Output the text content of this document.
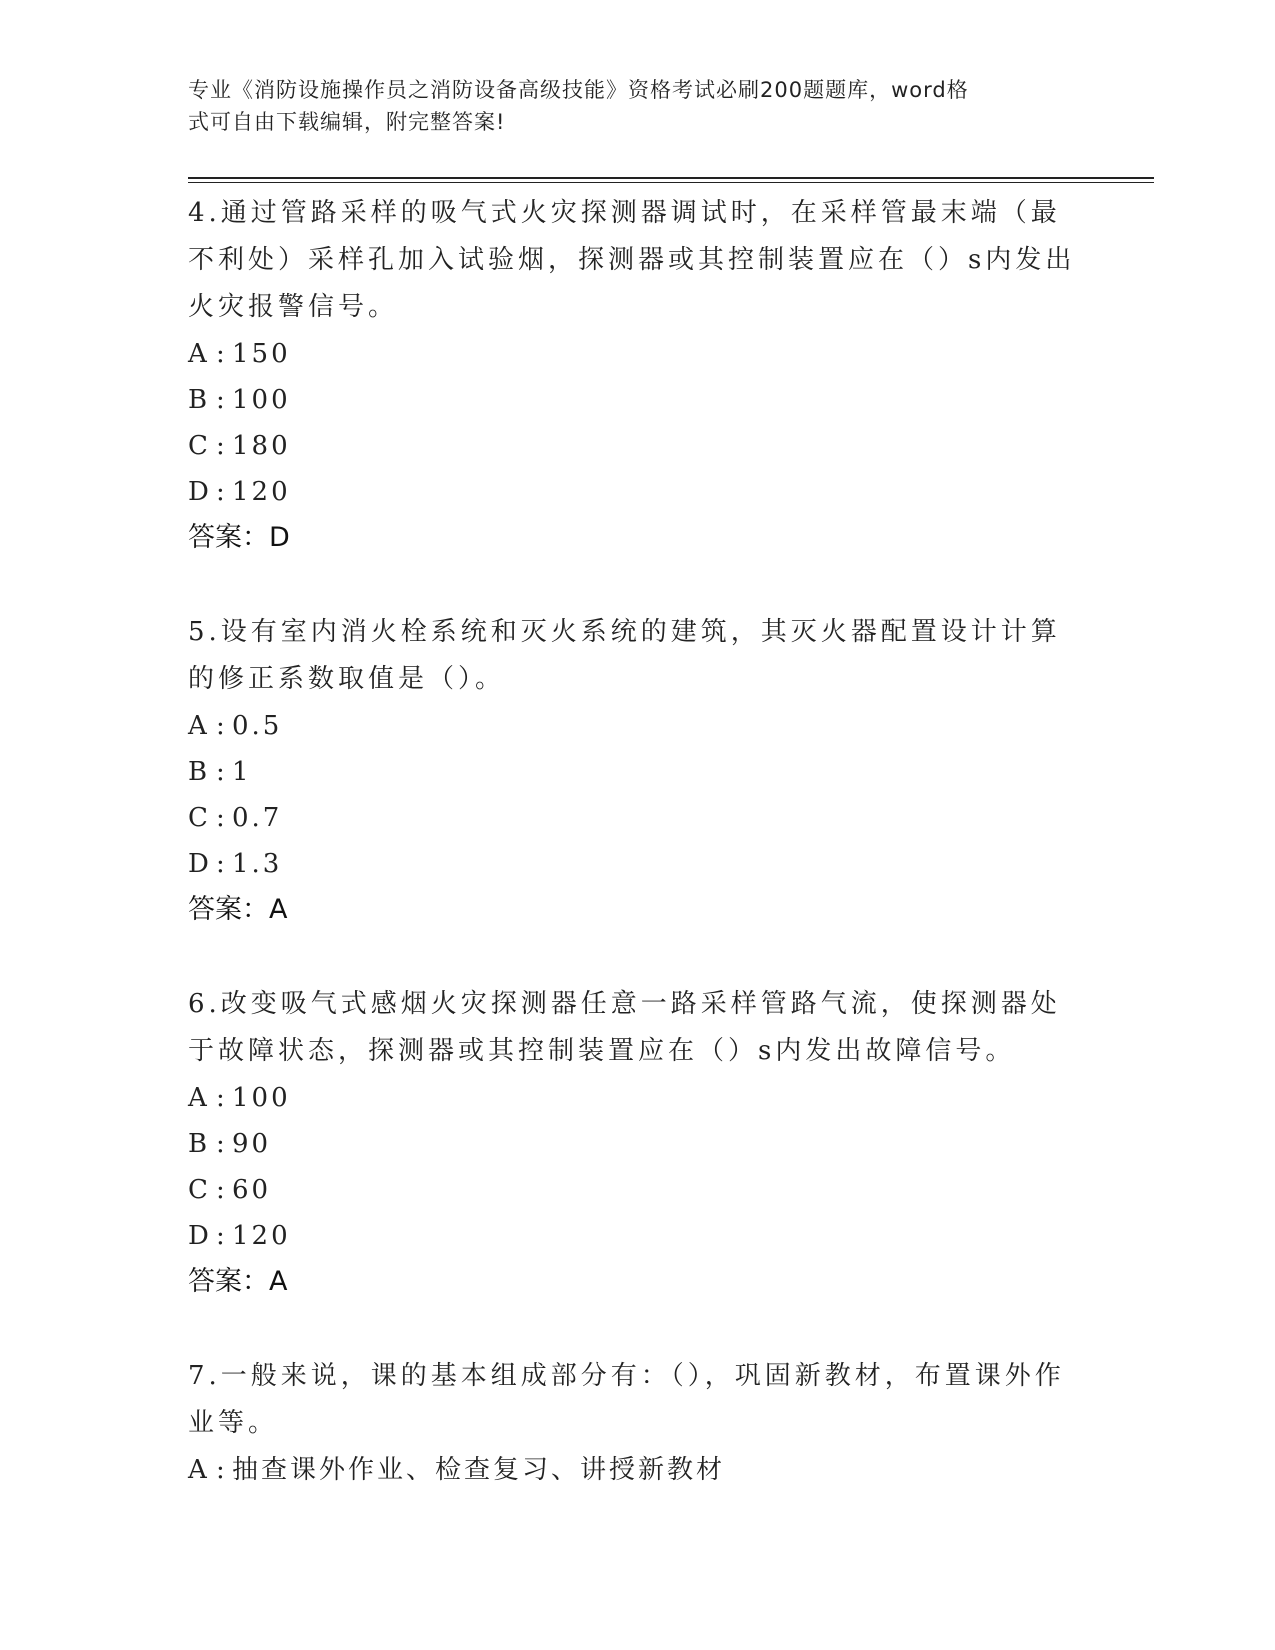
专业《消防设施操作员之消防设备高级技能》资格考试必刷200题题库，word格
式可自由下载编辑，附完整答案!
4.通过管路采样的吸气式火灾探测器调试时，在采样管最末端（最不利处）采样孔加入试验烟，探测器或其控制装置应在（）s内发出火灾报警信号。
A : 150
B : 100
C : 180
D : 120
答案：D
5.设有室内消火栓系统和灭火系统的建筑，其灭火器配置设计计算的修正系数取值是（）。
A : 0.5
B : 1
C : 0.7
D : 1.3
答案：A
6.改变吸气式感烟火灾探测器任意一路采样管路气流，使探测器处于故障状态，探测器或其控制装置应在（）s内发出故障信号。
A : 100
B : 90
C : 60
D : 120
答案：A
7.一般来说，课的基本组成部分有：（），巩固新教材，布置课外作业等。
A : 抽查课外作业、检查复习、讲授新教材
